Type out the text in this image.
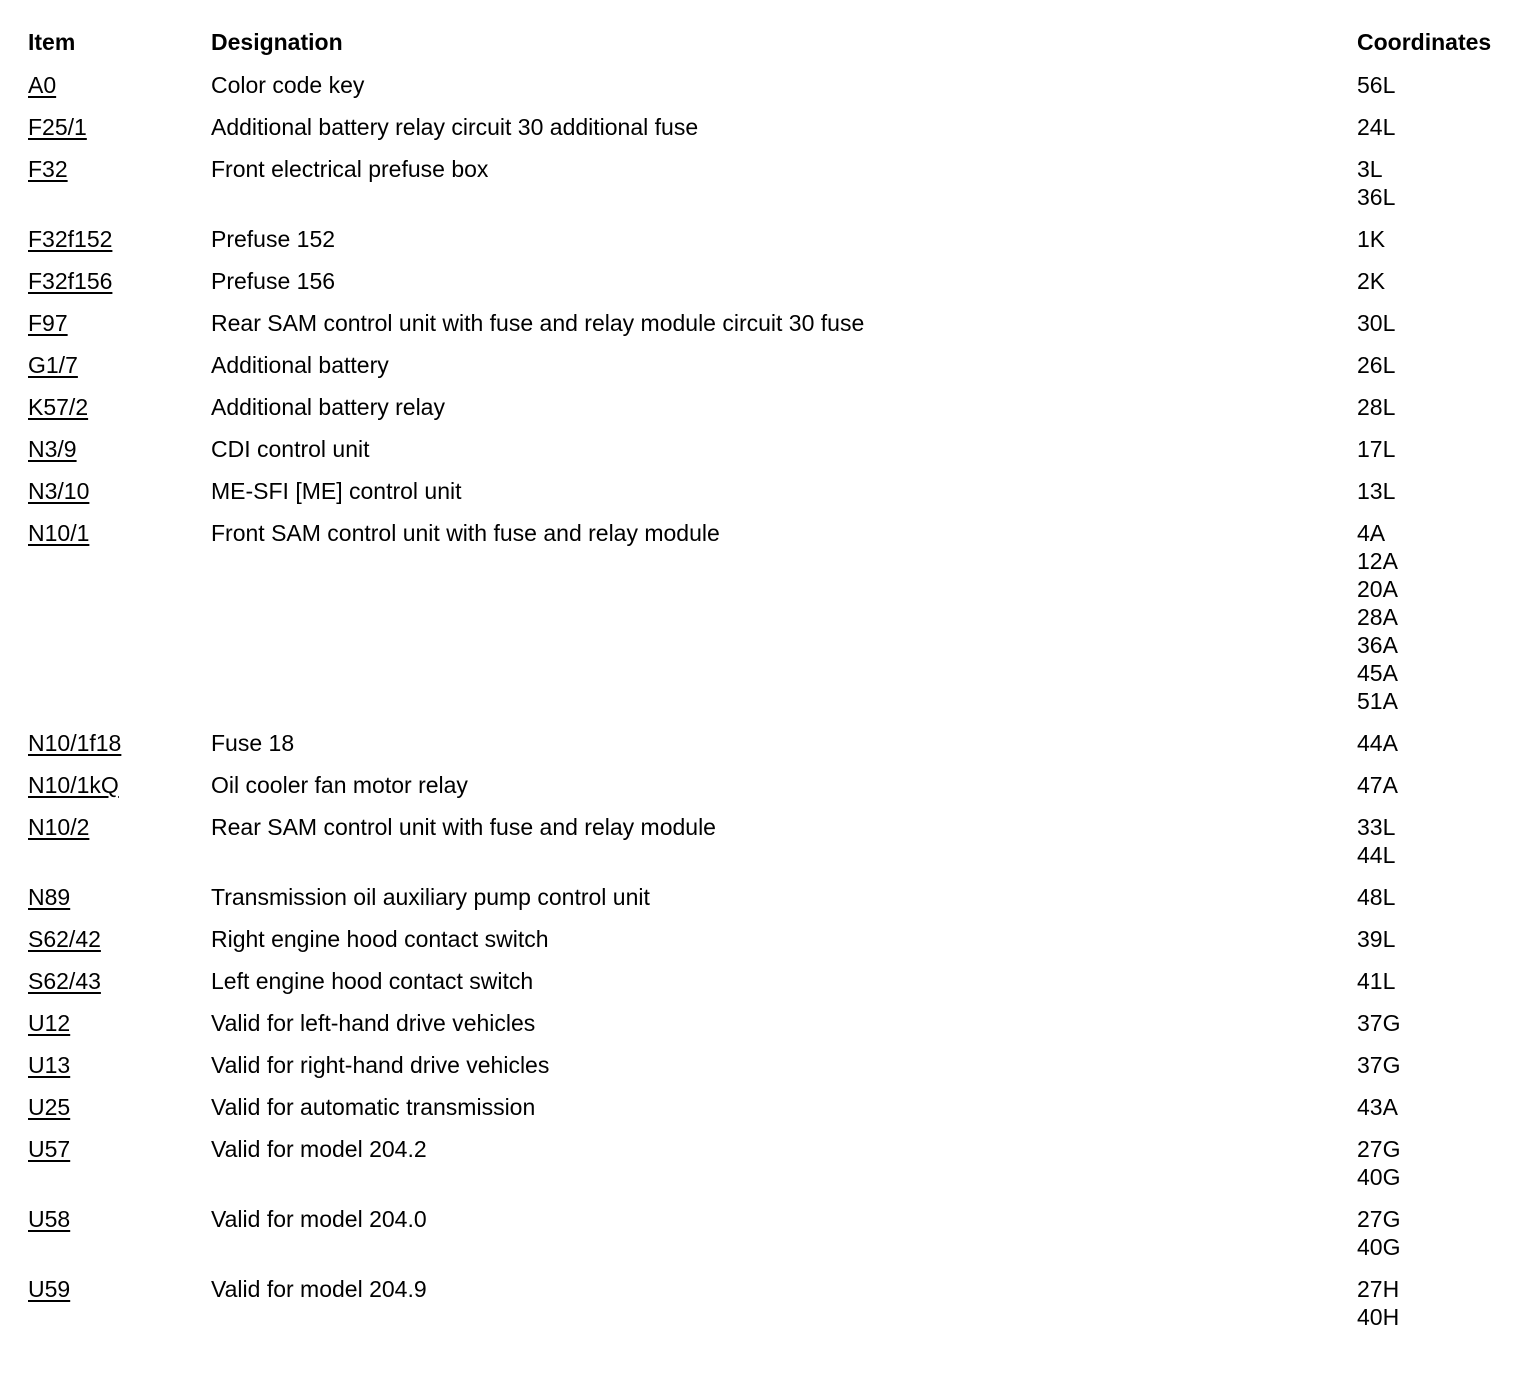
Item	Designation	Coordinates
A0	Color code key	56L
F25/1	Additional battery relay circuit 30 additional fuse	24L
F32	Front electrical prefuse box	3L
36L
F32f152	Prefuse 152	1K
F32f156	Prefuse 156	2K
F97	Rear SAM control unit with fuse and relay module circuit 30 fuse	30L
G1/7	Additional battery	26L
K57/2	Additional battery relay	28L
N3/9	CDI control unit	17L
N3/10	ME-SFI [ME] control unit	13L
N10/1	Front SAM control unit with fuse and relay module	4A
12A
20A
28A
36A
45A
51A
N10/1f18	Fuse 18	44A
N10/1kQ	Oil cooler fan motor relay	47A
N10/2	Rear SAM control unit with fuse and relay module	33L
44L
N89	Transmission oil auxiliary pump control unit	48L
S62/42	Right engine hood contact switch	39L
S62/43	Left engine hood contact switch	41L
U12	Valid for left-hand drive vehicles	37G
U13	Valid for right-hand drive vehicles	37G
U25	Valid for automatic transmission	43A
U57	Valid for model 204.2	27G
40G
U58	Valid for model 204.0	27G
40G
U59	Valid for model 204.9	27H
40H
